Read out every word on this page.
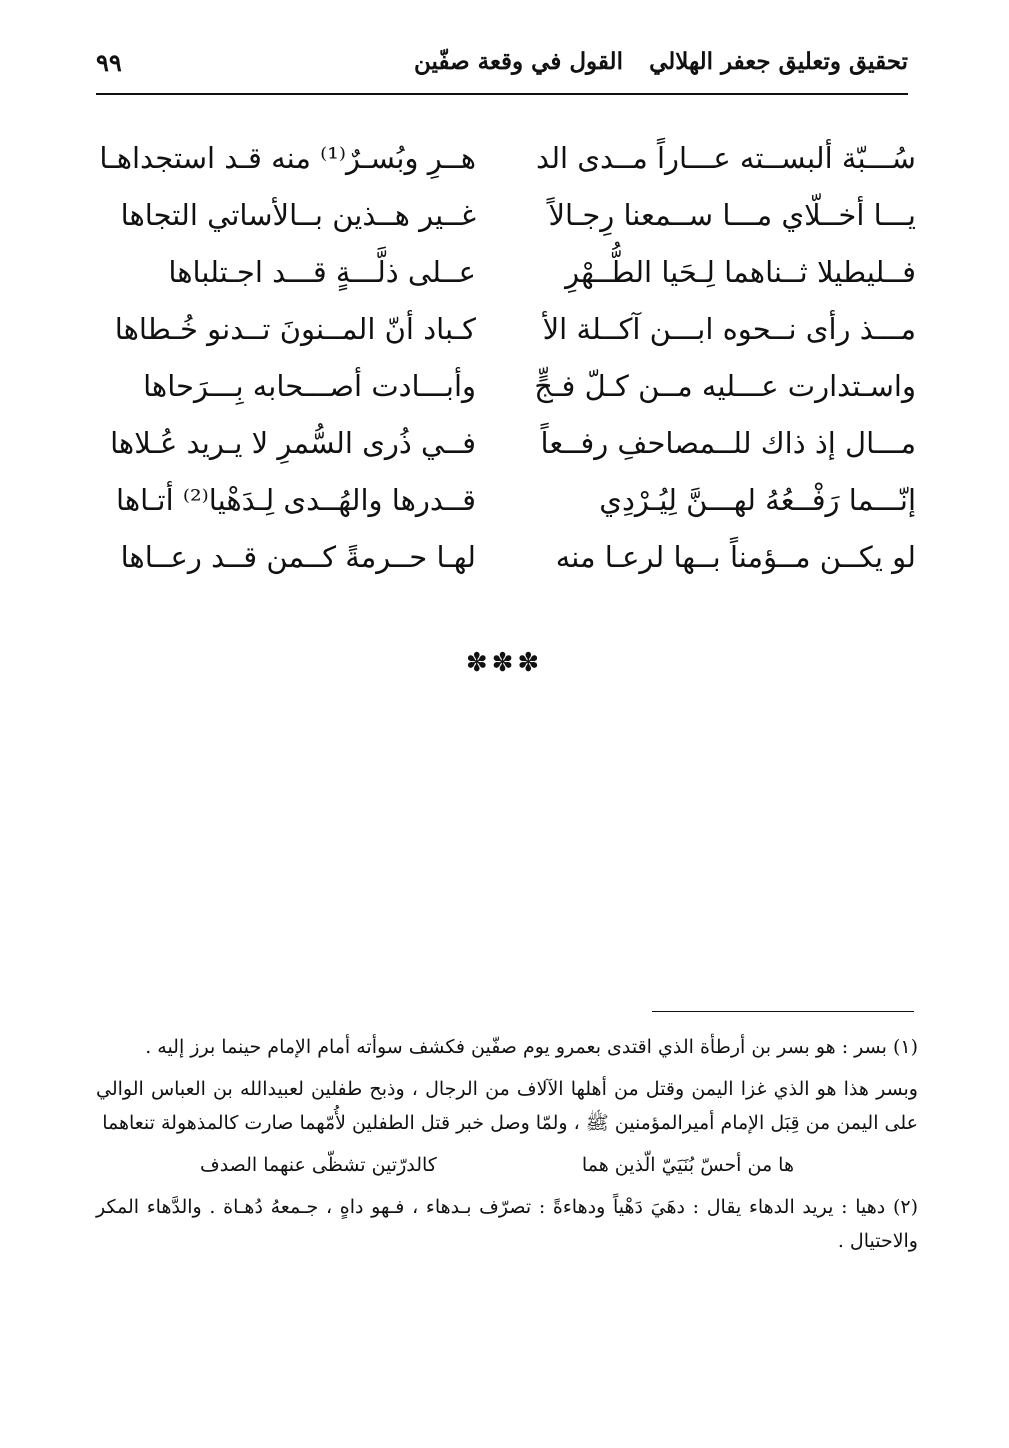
تحقيق وتعليق جعفر الهلالي
القول في وقعة صفّين
٩٩
سُـــبّة ألبســته عـــاراً مــدى الد
هــرِ وبُسـرٌ⁽¹⁾ منه قـد استجداهـا
يـــا أخــلّاي مـــا ســمعنا رِجـالاً
غــير هــذين بــالأساتي التجاها
فــليطيلا ثــناهما لِـحَيا الطُّــهْرِ
عــلى ذلَّـــةٍ قـــد اجـتلباها
مـــذ رأى نــحوه ابـــن آكــلة الأ
كـباد أنّ المــنونَ تــدنو خُـطاها
واسـتدارت عـــليه مــن كـلّ فـجٍّ
وأبـــادت أصـــحابه بِـــرَحاها
مـــال إذ ذاك للــمصاحفِ رفــعاً
فــي ذُرى السُّمرِ لا يـريد عُـلاها
إنّـــما رَفْــعُهُ لهـــنَّ لِيُـرْدِي
قــدرها والهُــدى لِـدَهْيا⁽²⁾ أتـاها
لو يكــن مــؤمناً بــها لرعـا منه
لهـا حــرمةً كــمن قــد رعــاها
✽✽✽

(١) بسر : هو بسر بن أرطأة الذي اقتدى بعمرو يوم صفّين فكشف سوأته أمام الإمام حينما برز إليه .

وبسر هذا هو الذي غزا اليمن وقتل من أهلها الآلاف من الرجال ، وذبح طفلين لعبيدالله بن العباس الوالي على اليمن من قِبَل الإمام أميرالمؤمنين ﷺ ، ولمّا وصل خبر قتل الطفلين لأُمّهما صارت كالمذهولة تنعاهما

ها من أحسّ بُنَيَيّ الّذين هما
كالدرّتين تشظّى عنهما الصدف

(٢) دهيا : يريد الدهاء يقال : دهَيَ دَهْياً ودهاءةً : تصرّف بـدهاء ، فـهو داهٍ ، جـمعهُ دُهـاة . والدَّهاء المكر والاحتيال .
